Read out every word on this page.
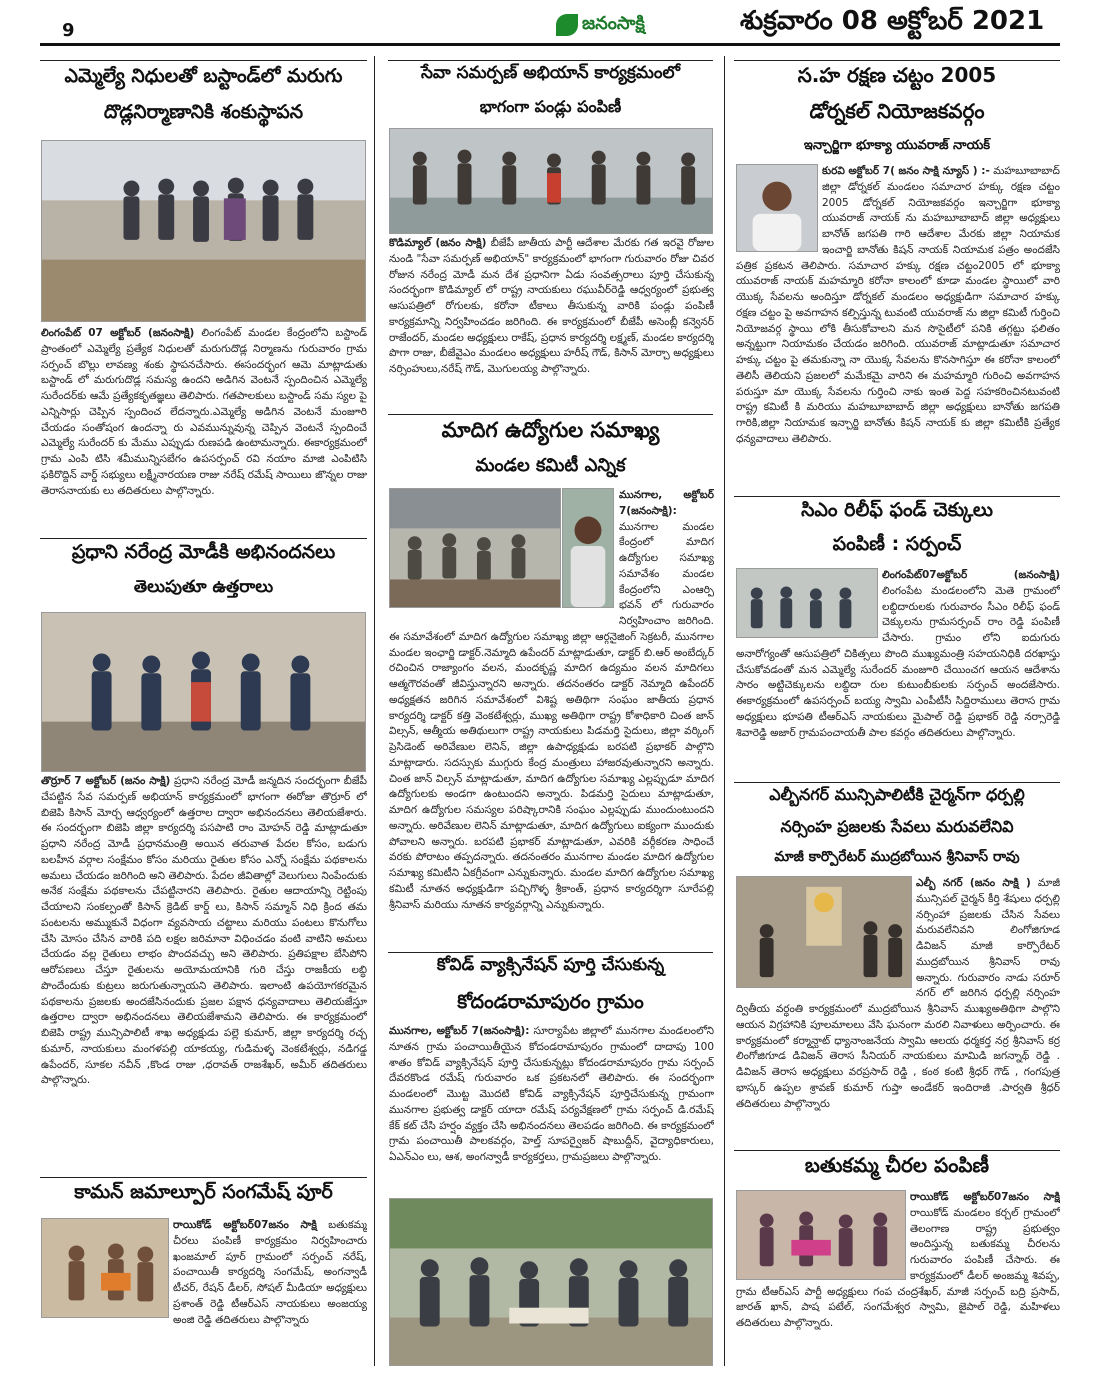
9	జనంసాక్షి	శుక్రవారం 08 అక్టోబర్ 2021
ఎమ్మెల్యే నిధులతో బస్టాండ్‌లో మరుగు
దొడ్లనిర్మాణానికి శంకుస్థాపన
లింగంపేట్ 07 అక్టోబర్ (జనంసాక్షి) లింగంపేట్ మండల కేంద్రంలోని బస్టాండ్ ప్రాంతంలో ఎమ్మెల్యే ప్రత్యేక నిధులతో మరుగుదొడ్ల నిర్మాణను గురువారం గ్రామ సర్పంచ్ బొల్లు లావణ్య శంకు స్థాపనచేసారు. ఈసందర్భంగ ఆమె మాట్లాడుతు బస్టాండ్ లో మరుగుదొడ్ల సమస్య ఉందని అడిగిన వెంటనే స్పందించిన ఎమ్మెల్యే సురేందర్‌కు ఆమే ప్రత్యేకకృతజ్ఞలు తెలిపారు. గతపాలకులు బస్టాండ్ సమ స్యల పై ఎన్నిసార్లు చెప్పిన స్పందించ లేదన్నారు.ఎమ్మెల్యే అడిగిన వెంటనే మంజూరి చేయడం సంతోషంగ ఉందన్నా రు ఎవమున్నువున్న చెప్పిన వెంటనే స్పందించే ఎమ్మెల్యే సురేందర్ కు మేము ఎప్పుడు రుణపడి ఉంటామన్నారు. ఈకార్యక్రమంలో గ్రామ ఎంపి టిసి శమీమున్నిసబేగం ఉపసర్పంచ్ రవి నయాం మాజి ఎంపిటిసి ఫకిరొద్దిన్ వార్డ్ సభ్యులు లక్ష్మీనారయణ రాజు నరేష్ రమేష్ సాయిలు జొన్నల రాజు తెరాసనాయకు లు తదితరులు పాల్గొన్నారు.
ప్రధాని నరేంద్ర మోడీకి అభినందనలు
తెలుపుతూ ఉత్తరాలు
తొర్రూర్ 7 అక్టోబర్ (జనం సాక్షి) ప్రధాని నరేంద్ర మోడీ జన్మదిన సందర్భంగా బీజేపీ చేపట్టిన సేవ సమర్పణ్ అభియాన్ కార్యక్రమంలో భాగంగా ఈరోజు తొర్రూర్ లో బిజెపి కిసాన్ మోర్చ ఆధ్వర్యంలో ఉత్తరాల ద్వారా అభినందనలు తెలియజేశారు. ఈ సందర్భంగా బిజెపి జిల్లా కార్యదర్శి పసపాటి రాం మోహన్ రెడ్డి మాట్లాడుతూ ప్రధాని నరేంద్ర మోడీ ప్రధానమంత్రి అయిన తరువాత పేదల కోసం, బడుగు బలహీన వర్గాల సంక్షేమం కోసం మరియు రైతుల కోసం ఎన్నో సంక్షేమ పథకాలను అమలు చేయడం జరిగింది అని తెలిపారు. పేదల జీవితాల్లో వెలుగులు నింపేందుకు అనేక సంక్షేమ పథకాలను చేపట్టినారని తెలిపారు. రైతుల ఆదాయాన్ని రెట్టింపు చేయాలని సంకల్పంతో కిసాన్ క్రెడిట్ కార్డ్ లు, కిసాన్ సమ్మాన్ నిధి క్రింద తమ పంటలను అమ్ముకునే విధంగా వ్యవసాయ చట్టాలు మరియు పంటలు కొనుగోలు చేసి మోసం చేసిన వారికి పది లక్షల జరిమానా విధించడం వంటి వాటిని అమలు చేయడం వల్ల రైతులు లాభం పొందవచ్చు అని తెలిపారు. ప్రతిపక్షాల బేసిపోని ఆరోపణలు చేస్తూ రైతులను అయోమయానికి గురి చేస్తు రాజకీయ లబ్ధి పొందేందుకు కుట్రలు జరుగుతున్నాయని తెలిపారు. ఇలాంటి ఉపయోగకరమైన పథకాలను ప్రజలకు అందజేసినందుకు ప్రజల పక్షాన ధన్యవాదాలు తెలియజేస్తూ ఉత్తరాల ద్వారా అభినందనలు తెలియజేశామని తెలిపారు. ఈ కార్యక్రమంలో బిజెపి రాష్ట్ర మున్సిపాలిటీ శాఖ అధ్యక్షుడు పల్లె కుమార్, జిల్లా కార్యదర్శి రచ్చ కుమార్, నాయకులు మంగళపల్లి యాకయ్య, గుడిమళ్ళ వెంకటేశ్వర్లు, నడిగడ్డ ఉపేందర్, సూకల నవీన్ ,కొండ రాజు ,ధరావత్ రాజశేఖర్, అమీర్ తదితరులు పాల్గొన్నారు.
కామన్ జమాల్పూర్ సంగమేష్ పూర్
రాయికోడ్ అక్టోబర్07జనం సాక్షి బతుకమ్మ చీరలు పంపిణీ కార్యక్రమం నిర్వహించారు ఖంజమాల్ పూర్ గ్రామంలో సర్పంచ్ నరేష్, పంచాయితీ కార్యదర్శి సంగమేష్, అంగన్వాడీ టీచర్, రేషన్ డీలర్, సోషల్ మీడియా అధ్యక్షులు ప్రశాంత్ రెడ్డి టీఆర్ఎస్ నాయకులు అంజయ్య అంజి రెడ్డి తదితరులు పాల్గొన్నారు
సేవా సమర్పణ్ అభియాన్ కార్యక్రమంలో
భాగంగా పండ్లు పంపిణీ
కొడిమ్యాల్ (జనం సాక్షి) బీజేపీ జాతీయ పార్టీ ఆదేశాల మేరకు గత ఇరవై రోజుల నుండి "సేవా సమర్పణ్ అభియాన్" కార్యక్రమంలో భాగంగా గురువారం రోజు చివర రోజున నరేంద్ర మోడీ మన దేశ ప్రధానిగా ఏడు సంవత్సరాలు పూర్తి చేసుకున్న సందర్భంగా కొడిమ్యాల్ లో రాష్ట్ర నాయకులు రఘువీర్‌రెడ్డి ఆధ్వర్యంలో ప్రభుత్వ ఆసుపత్రిలో రోగులకు, కరోనా టీకాలు తీసుకున్న వారికి పండ్లు పంపిణీ కార్యక్రమాన్ని నిర్వహించడం జరిగింది. ఈ కార్యక్రమంలో బీజేపీ అసెంబ్లీ కన్వెనర్ రాజేందర్, మండల అధ్యక్షులు రాకేష్, ప్రధాన కార్యదర్శి లక్ష్మణ్, మండల కార్యదర్శి పొగా రాజు, బీజేవైఎం మండలం అధ్యక్షులు హరీష్ గౌడ్, కిసాన్ మోర్చా అధ్యక్షులు నర్సింహులు,నరేష్ గౌడ్, మొగులయ్య పాల్గొన్నారు.
మాదిగ ఉద్యోగుల సమాఖ్య
మండల కమిటీ ఎన్నిక
మునగాల, అక్టోబర్ 7(జనంసాక్షి): మునగాల మండల కేంద్రంలో మాదిగ ఉద్యోగుల సమాఖ్య సమావేశం మండల కేంద్రంలోని ఎంఆర్పి భవన్ లో గురువారం నిర్వహించాం జరిగింది. ఈ సమావేశంలో మాదిగ ఉద్యోగుల సమాఖ్య జిల్లా ఆర్గనైజింగ్ సెక్రటరీ, మునగాల మండల ఇంఛార్జి డాక్టర్.నెమ్మాది ఉపేందర్ మాట్లాడుతూ, డాక్టర్ బి.ఆర్ అంబేద్కర్ రచించిన రాజ్యాంగం వలన, మందకృష్ణ మాదిగ ఉద్యమం వలన మాదిగలు ఆత్మగౌరవంతో జీవిస్తున్నారని అన్నారు. తదనంతరం డాక్టర్ నెమ్మాది ఉపేందర్ అధ్యక్షతన జరిగిన సమావేశంలో విశిష్ట అతిథిగా సంఘం జాతీయ ప్రధాన కార్యదర్శి డాక్టర్ కత్తి వెంకటేశ్వర్లు, ముఖ్య అతిథిగా రాష్ట్ర కోశాధికారి చింత జాన్ విల్సన్, ఆత్మీయ అతిథులుగా రాష్ట్ర నాయకులు పిడమర్తి సైదులు, జిల్లా వర్కింగ్ ప్రెసిడెంట్ అరివేణుల లెనిన్, జిల్లా ఉపాధ్యక్షుడు బరపటి ప్రభాకర్ పాల్గొని మాట్లాడారు. సదస్సుకు ముగ్గురు కేంద్ర మంత్రులు హాజరవుతున్నారని అన్నారు. చింత జాన్ విల్సన్ మాట్లాడుతూ, మాదిగ ఉద్యోగుల సమాఖ్య ఎల్లప్పుడూ మాదిగ ఉద్యోగులకు అండగా ఉంటుందని అన్నారు. పిడమర్తి సైదులు మాట్లాడుతూ, మాదిగ ఉద్యోగుల సమస్యల పరిష్కారానికి సంఘం ఎల్లప్పుడు ముందుంటుందని అన్నారు. అరివేణుల లెనిన్ మాట్లాడుతూ, మాదిగ ఉద్యోగులు ఐక్యంగా ముందుకు పోవాలని అన్నారు. బరపటి ప్రభాకర్ మాట్లాడుతూ, ఎవరికి వర్గీకరణ సాధించే వరకు పోరాటం తప్పదన్నారు. తదనంతరం మునగాల మండల మాదిగ ఉద్యోగుల సమాఖ్య కమిటీని ఏకగ్రీవంగా ఎన్నుకున్నారు. మండల మాదిగ ఉద్యోగుల సమాఖ్య కమిటీ నూతన అధ్యక్షుడిగా పచ్చిగొళ్ళ శ్రీకాంత్, ప్రధాన కార్యదర్శిగా సూరేపల్లి శ్రీనివాస్ మరియు నూతన కార్యవర్గాన్ని ఎన్నుకున్నారు.
కోవిడ్ వ్యాక్సినేషన్ పూర్తి చేసుకున్న
కోదండరామాపురం గ్రామం
మునగాల, అక్టోబర్ 7(జనంసాక్షి): సూర్యాపేట జిల్లాలో మునగాల మండలంలోని నూతన గ్రామ పంచాయితీయైన కోదండరామాపురం గ్రామంలో దాదాపు 100 శాతం కోవిడ్ వ్యాక్సినేషన్ పూర్తి చేసుకున్నట్లు కోదండరామాపురం గ్రామ సర్పంచ్ దేవరకొండ రమేష్ గురువారం ఒక ప్రకటనలో తెలిపారు. ఈ సందర్భంగా మండలంలో మొట్ట మొదటి కోవిడ్ వ్యాక్సినేషన్ పూర్తిచేసుకున్న గ్రామంగా మునగాల ప్రభుత్వ డాక్టర్ యాదా రమేష్ పర్యవేక్షణలో గ్రామ సర్పంచ్ డి.రమేష్ కేక్ కట్ చేసి హర్షం వ్యక్తం చేసి అభినందనలు తెలపడం జరిగింది. ఈ కార్యక్రమంలో గ్రామ పంచాయితీ పాలకవర్గం, హెల్త్ సూపర్వైజర్ షాబుద్దీన్, వైద్యాధికారులు, ఏఎన్ఎం లు, ఆశ, అంగన్వాడీ కార్యకర్తలు, గ్రామప్రజలు పాల్గొన్నారు.
స.హ రక్షణ చట్టం 2005
డోర్నకల్ నియోజకవర్గం
ఇన్చార్జిగా భూక్యా యువరాజ్ నాయక్
కురవి అక్టోబర్ 7( జనం సాక్షి న్యూస్ ) :- మహబూబాబాద్ జిల్లా డోర్నకల్ మండలం సమాచార హక్కు రక్షణ చట్టం 2005 డోర్నకల్ నియోజకవర్గం ఇన్చార్జిగా భూక్యా యువరాజ్ నాయక్ ను మహబూబాబాద్ జిల్లా అధ్యక్షులు బానోత్ జగపతి గారి ఆదేశాల మేరకు జిల్లా నియామక ఇంచార్జి బానోతు కిషన్ నాయక్ నియామక పత్రం అందజేసి పత్రిక ప్రకటన తెలిపారు. సమాచార హక్కు రక్షణ చట్టం2005 లో భూక్యా యువరాజ్ నాయక్ మహమ్మారి కరోనా కాలంలో కూడా మండల స్థాయిలో వారి యొక్క సేవలను అందిస్తూ డోర్నకల్ మండలం అధ్యక్షుడిగా సమాచార హక్కు రక్షణ చట్టం పై అవగాహన కల్పిస్తున్న టువంటి యువరాజ్ ను జిల్లా కమిటీ గుర్తించి నియోజవర్గ స్థాయి లోకి తీసుకోవాలని మన సొసైటీలో పనికి తగ్గట్టు ఫలితం అన్నట్టుగా నియామకం చేయడం జరిగింది. యువరాజ్ మాట్లాడుతూ సమాచార హక్కు చట్టం పై తమకున్నా నా యొక్క సేవలను కొనసాగిస్తూ ఈ కరోనా కాలంలో తెలిసీ తెలియని ప్రజలలో మమేకమై వారిని ఈ మహమ్మారి గురించి అవగాహన పరుస్తూ మా యొక్క సేవలను గుర్తించి నాకు ఇంత పెద్ద సహకరించినటువంటి రాష్ట్ర కమిటీ కి మరియు మహబూబాబాద్ జిల్లా అధ్యక్షులు బానోతు జగపతి గారికి,జిల్లా నియామక ఇన్చార్జి బానోతు కిషన్ నాయక్ కు జిల్లా కమిటీకి ప్రత్యేక ధన్యవాదాలు తెలిపారు.
సిఎం రిలీఫ్ ఫండ్ చెక్కులు
పంపిణీ : సర్పంచ్
లింగంపేట్07అక్టోబర్ (జనంసాక్షి) లింగంపేట మండలంలోని మెతె గ్రామంలో లబ్ధిదారులకు గురువారం సీఎం రిలీఫ్ ఫండ్ చెక్కులను గ్రామసర్పంచ్ రాం రెడ్డి పంపిణీ చేసారు. గ్రామం లోని ఐదుగురు అనారోగ్యంతో ఆసుపత్రిలో చికిత్సలు పొంది ముఖ్యమంత్రి సహయనిధికి దరఖాస్తు చేసుకోవడంతో మన ఎమ్మెల్యే సురేందర్ మంజూరి చేయించగ ఆయన ఆదేశాను సారం అట్టిచెక్కులను లబ్ధిదా రుల కుటుంబీకులకు సర్పంచ్ అందజేసారు. ఈకార్యక్రమంలో ఉపసర్పంచ్ బయ్య స్వామి ఎంపీటీసీ సిద్దిరాములు తెరాస గ్రామ అధ్యక్షులు భూపతి టీఆర్ఎస్ నాయకులు మైపాల్ రెడ్డి ప్రభాకర్ రెడ్డి నర్సారెడ్డి శివారెడ్డి అజార్ గ్రామపంచాయతీ పాల కవర్గం తదితరులు పాల్గొన్నారు.
ఎల్బీనగర్ మున్సిపాలిటీకి చైర్మన్‌గా ధర్పల్లి
నర్సింహ ప్రజలకు సేవలు మరువలేనివి
మాజీ కార్పొరేటర్ ముద్రబోయిన శ్రీనివాస్ రావు
ఎల్బీ నగర్ (జనం సాక్షి ) మాజీ మున్సిపల్ చైర్మన్ కీర్తి శేషులు ధర్పల్లి నర్సింహా ప్రజలకు చేసిన సేవలు మరువలేనివని లింగోజిగూడ డివిజన్ మాజీ కార్పొరేటర్ ముద్రబోయిన శ్రీనివాస్ రావు అన్నారు. గురువారం నాడు సరూర్ నగర్ లో జరిగిన ధర్పల్లి నర్సింహ ద్వితీయ వర్ధంతి కార్యక్రమంలో ముద్రబోయిన శ్రీనివాస్ ముఖ్యఅతిథిగా పాల్గొని ఆయన విగ్రహానికి పూలమాలలు వేసి ఘనంగా మరలి నివాళులు అర్పించారు. ఈ కార్యక్రమంలో కర్మాన్ఘాట్ ధ్యానాంజనేయ స్వామి ఆలయ ధర్మకర్త నర్ర శ్రీనివాస్ కర్ర లింగోజిగూడ డివిజన్ తెరాస సీనియర్ నాయకులు మామిడి జగన్నాథ్ రెడ్డి . డివిజన్ తెరాస అధ్యక్షులు వరప్రసాద్ రెడ్డి , కంఠ కంటి శ్రీధర్ గౌడ్ , గంగపుత్ర భాస్కర్ ఉప్పల శ్రావణ్ కుమార్ గుప్తా అండేకర్ ఇందిరాజీ .పార్వతి శ్రీధర్ తదితరులు పాల్గొన్నారు
బతుకమ్మ చీరల పంపిణీ
రాయికోడ్ అక్టోబర్07జనం సాక్షి రాయికోడ్ మండలం కర్చల్ గ్రామంలో తెలంగాణ రాష్ట్ర ప్రభుత్వం అందిస్తున్న బతుకమ్మ చీరలను గురువారం పంపిణీ చేసారు. ఈ కార్యక్రమంలో డీలర్ అంజమ్మ శివప్ప, గ్రామ టీఆర్ఎస్ పార్టీ అధ్యక్షులు గంప చంద్రశేఖర్, మాజీ సర్పంచ్ బద్రి ప్రసాద్, జారత్ ఖాన్, పాష పటేల్, సంగమేశ్వర స్వామి, జైపాల్ రెడ్డి, మహిళలు తదితరులు పాల్గొన్నారు.
